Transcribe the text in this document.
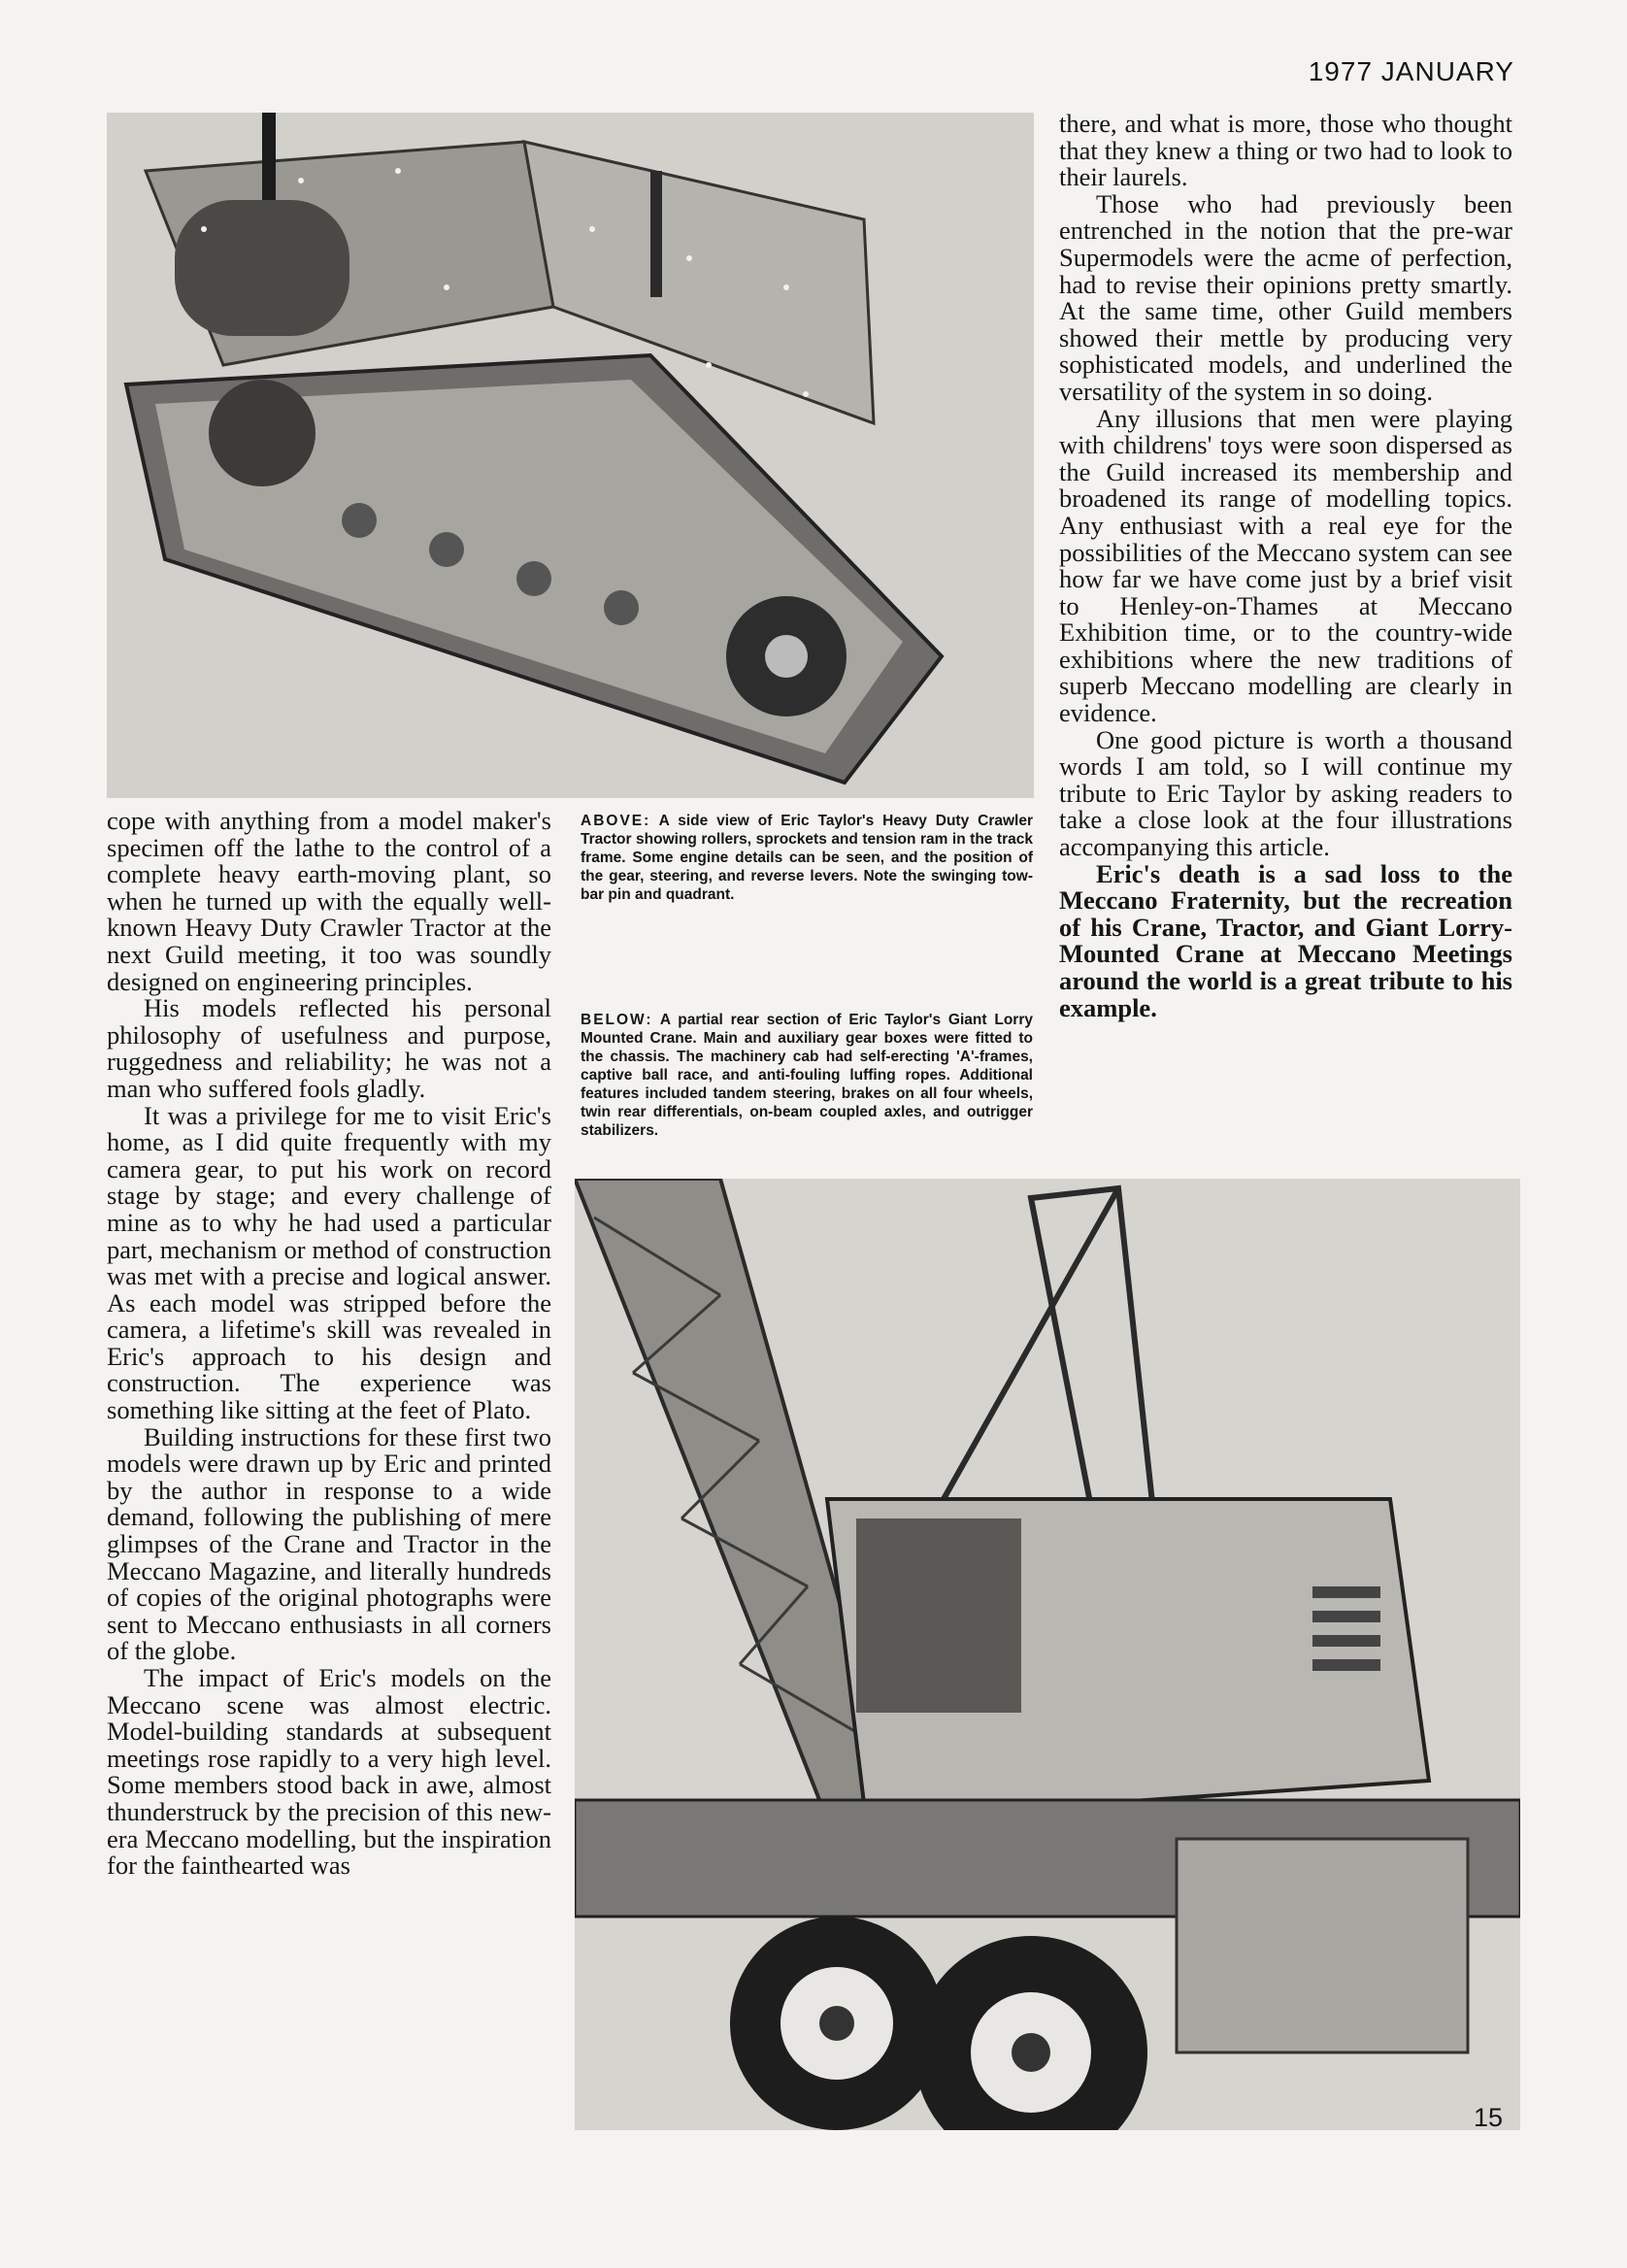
1977 JANUARY

cope with anything from a model maker's specimen off the lathe to the control of a complete heavy earth-moving plant, so when he turned up with the equally well-known Heavy Duty Crawler Tractor at the next Guild meeting, it too was soundly designed on engineering principles.

His models reflected his personal philosophy of usefulness and purpose, ruggedness and reliability; he was not a man who suffered fools gladly.

It was a privilege for me to visit Eric's home, as I did quite frequently with my camera gear, to put his work on record stage by stage; and every challenge of mine as to why he had used a particular part, mechanism or method of construction was met with a precise and logical answer. As each model was stripped before the camera, a lifetime's skill was revealed in Eric's approach to his design and construction. The experience was something like sitting at the feet of Plato.

Building instructions for these first two models were drawn up by Eric and printed by the author in response to a wide demand, following the publishing of mere glimpses of the Crane and Tractor in the Meccano Magazine, and literally hundreds of copies of the original photographs were sent to Meccano enthusiasts in all corners of the globe.

The impact of Eric's models on the Meccano scene was almost electric. Model-building standards at subsequent meetings rose rapidly to a very high level. Some members stood back in awe, almost thunderstruck by the precision of this new-era Meccano modelling, but the inspiration for the fainthearted was

ABOVE: A side view of Eric Taylor's Heavy Duty Crawler Tractor showing rollers, sprockets and tension ram in the track frame. Some engine details can be seen, and the position of the gear, steering, and reverse levers. Note the swinging tow-bar pin and quadrant.
BELOW: A partial rear section of Eric Taylor's Giant Lorry Mounted Crane. Main and auxiliary gear boxes were fitted to the chassis. The machinery cab had self-erecting 'A'-frames, captive ball race, and anti-fouling luffing ropes. Additional features included tandem steering, brakes on all four wheels, twin rear differentials, on-beam coupled axles, and outrigger stabilizers.

there, and what is more, those who thought that they knew a thing or two had to look to their laurels.

Those who had previously been entrenched in the notion that the pre-war Supermodels were the acme of perfection, had to revise their opinions pretty smartly. At the same time, other Guild members showed their mettle by producing very sophisticated models, and underlined the versatility of the system in so doing.

Any illusions that men were playing with childrens' toys were soon dispersed as the Guild increased its membership and broadened its range of modelling topics. Any enthusiast with a real eye for the possibilities of the Meccano system can see how far we have come just by a brief visit to Henley-on-Thames at Meccano Exhibition time, or to the country-wide exhibitions where the new traditions of superb Meccano modelling are clearly in evidence.

One good picture is worth a thousand words I am told, so I will continue my tribute to Eric Taylor by asking readers to take a close look at the four illustrations accompanying this article.

Eric's death is a sad loss to the Meccano Fraternity, but the recreation of his Crane, Tractor, and Giant Lorry-Mounted Crane at Meccano Meetings around the world is a great tribute to his example.

15
